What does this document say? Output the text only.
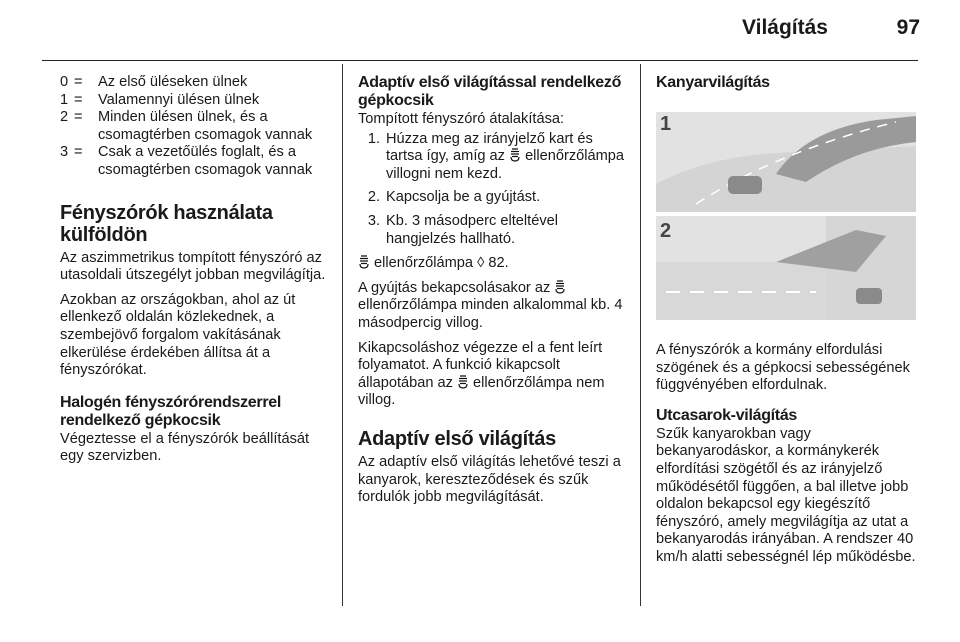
Világítás	97
0 =	Az első üléseken ülnek
1 =	Valamennyi ülésen ülnek
2 =	Minden ülésen ülnek, és a csomagtérben csomagok vannak
3 =	Csak a vezetőülés foglalt, és a csomagtérben csomagok vannak
Fényszórók használata külföldön

Az aszimmetrikus tompított fényszóró az utasoldali útszegélyt jobban megvilágítja.

Azokban az országokban, ahol az út ellenkező oldalán közlekednek, a szembejövő forgalom vakításának elkerülése érdekében állítsa át a fényszórókat.

Halogén fényszórórendszerrel rendelkező gépkocsik

Végeztesse el a fényszórók beállítását egy szervizben.

Adaptív első világítással rendelkező gépkocsik

Tompított fényszóró átalakítása:

1. Húzza meg az irányjelző kart és tartsa így, amíg az  ellenőrzőlámpa villogni nem kezd.
2. Kapcsolja be a gyújtást.
3. Kb. 3 másodperc elteltével hangjelzés hallható.

ellenőrzőlámpa ◊ 82.

A gyújtás bekapcsolásakor az  ellenőrzőlámpa minden alkalommal kb. 4 másodpercig villog.

Kikapcsoláshoz végezze el a fent leírt folyamatot. A funkció kikapcsolt állapotában az  ellenőrzőlámpa nem villog.

Adaptív első világítás

Az adaptív első világítás lehetővé teszi a kanyarok, kereszteződések és szűk fordulók jobb megvilágítását.

Kanyarvilágítás
1
2

A fényszórók a kormány elfordulási szögének és a gépkocsi sebességének függvényében elfordulnak.

Utcasarok-világítás

Szűk kanyarokban vagy bekanyarodáskor, a kormánykerék elfordítási szögétől és az irányjelző működésétől függően, a bal illetve jobb oldalon bekapcsol egy kiegészítő fényszóró, amely megvilágítja az utat a bekanyarodás irányában. A rendszer 40 km/h alatti sebességnél lép működésbe.
